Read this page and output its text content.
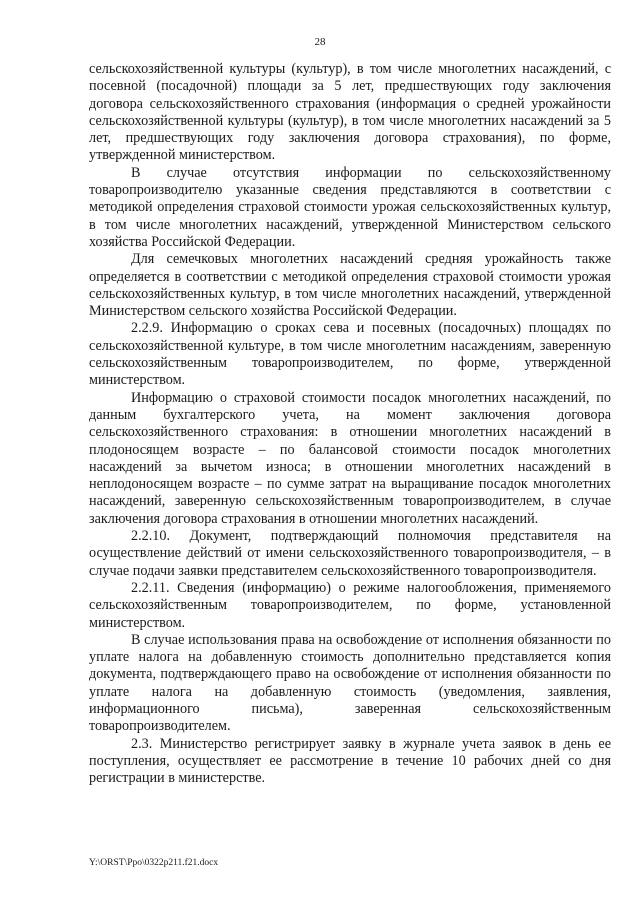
28

сельскохозяйственной культуры (культур), в том числе многолетних насаждений, с посевной (посадочной) площади за 5 лет, предшествующих году заключения договора сельскохозяйственного страхования (информация о средней урожайности сельскохозяйственной культуры (культур), в том числе многолетних насаждений за 5 лет, предшествующих году заключения договора страхования), по форме, утвержденной министерством.

В случае отсутствия информации по сельскохозяйственному товаропроизводителю указанные сведения представляются в соответствии с методикой определения страховой стоимости урожая сельскохозяйственных культур, в том числе многолетних насаждений, утвержденной Министерством сельского хозяйства Российской Федерации.

Для семечковых многолетних насаждений средняя урожайность также определяется в соответствии с методикой определения страховой стоимости урожая сельскохозяйственных культур, в том числе многолетних насаждений, утвержденной Министерством сельского хозяйства Российской Федерации.

2.2.9. Информацию о сроках сева и посевных (посадочных) площадях по сельскохозяйственной культуре, в том числе многолетним насаждениям, заверенную сельскохозяйственным товаропроизводителем, по форме, утвержденной министерством.

Информацию о страховой стоимости посадок многолетних насаждений, по данным бухгалтерского учета, на момент заключения договора сельскохозяйственного страхования: в отношении многолетних насаждений в плодоносящем возрасте – по балансовой стоимости посадок многолетних насаждений за вычетом износа; в отношении многолетних насаждений в неплодоносящем возрасте – по сумме затрат на выращивание посадок многолетних насаждений, заверенную сельскохозяйственным товаропроизводителем, в случае заключения договора страхования в отношении многолетних насаждений.

2.2.10. Документ, подтверждающий полномочия представителя на осуществление действий от имени сельскохозяйственного товаропроизводителя, – в случае подачи заявки представителем сельскохозяйственного товаропроизводителя.

2.2.11. Сведения (информацию) о режиме налогообложения, применяемого сельскохозяйственным товаропроизводителем, по форме, установленной министерством.

В случае использования права на освобождение от исполнения обязанности по уплате налога на добавленную стоимость дополнительно представляется копия документа, подтверждающего право на освобождение от исполнения обязанности по уплате налога на добавленную стоимость (уведомления, заявления, информационного письма), заверенная сельскохозяйственным товаропроизводителем.

2.3. Министерство регистрирует заявку в журнале учета заявок в день ее поступления, осуществляет ее рассмотрение в течение 10 рабочих дней со дня регистрации в министерстве.

Y:\ORST\Ppo\0322p211.f21.docx
